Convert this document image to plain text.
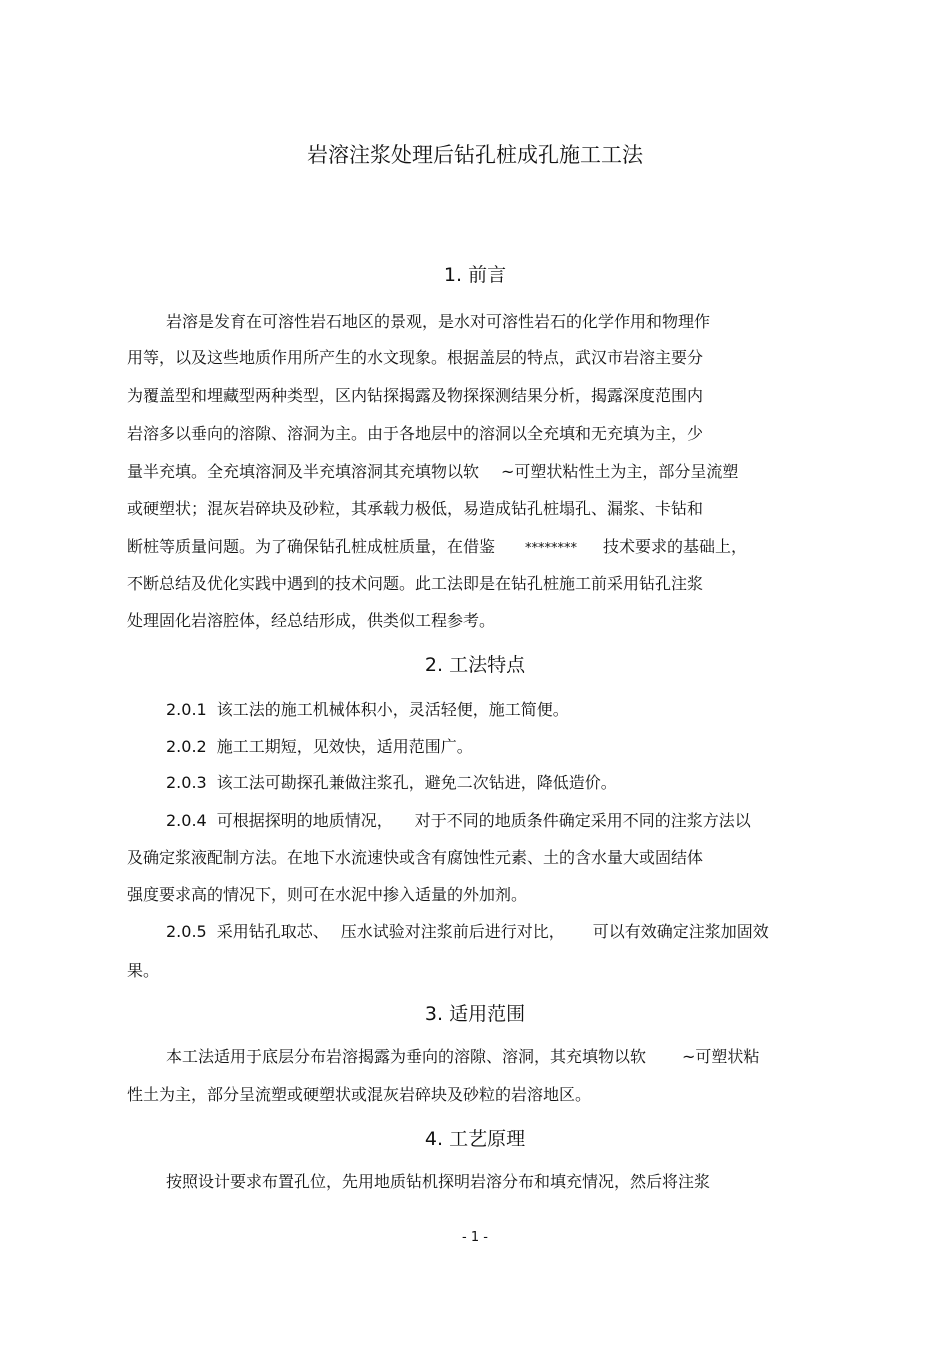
岩溶注浆处理后钻孔桩成孔施工工法
1. 前言
岩溶是发育在可溶性岩石地区的景观，是水对可溶性岩石的化学作用和物理作
用等，以及这些地质作用所产生的水文现象。根据盖层的特点，武汉市岩溶主要分
为覆盖型和埋藏型两种类型，区内钻探揭露及物探探测结果分析，揭露深度范围内
岩溶多以垂向的溶隙、溶洞为主。由于各地层中的溶洞以全充填和无充填为主，少
量半充填。全充填溶洞及半充填溶洞其充填物以软 ~可塑状粘性土为主，部分呈流塑
或硬塑状；混灰岩碎块及砂粒，其承载力极低，易造成钻孔桩塌孔、漏浆、卡钻和
断桩等质量问题。为了确保钻孔桩成桩质量，在借鉴 ******** 技术要求的基础上，
不断总结及优化实践中遇到的技术问题。此工法即是在钻孔桩施工前采用钻孔注浆
处理固化岩溶腔体，经总结形成，供类似工程参考。
2. 工法特点
2.0.1 该工法的施工机械体积小，灵活轻便，施工简便。
2.0.2 施工工期短，见效快，适用范围广。
2.0.3 该工法可勘探孔兼做注浆孔，避免二次钻进，降低造价。
2.0.4 可根据探明的地质情况， 对于不同的地质条件确定采用不同的注浆方法以
及确定浆液配制方法。在地下水流速快或含有腐蚀性元素、土的含水量大或固结体
强度要求高的情况下，则可在水泥中掺入适量的外加剂。
2.0.5 采用钻孔取芯、 压水试验对注浆前后进行对比， 可以有效确定注浆加固效
果。
3. 适用范围
本工法适用于底层分布岩溶揭露为垂向的溶隙、溶洞，其充填物以软 ~可塑状粘
性土为主，部分呈流塑或硬塑状或混灰岩碎块及砂粒的岩溶地区。
4. 工艺原理
按照设计要求布置孔位，先用地质钻机探明岩溶分布和填充情况，然后将注浆
- 1 -
